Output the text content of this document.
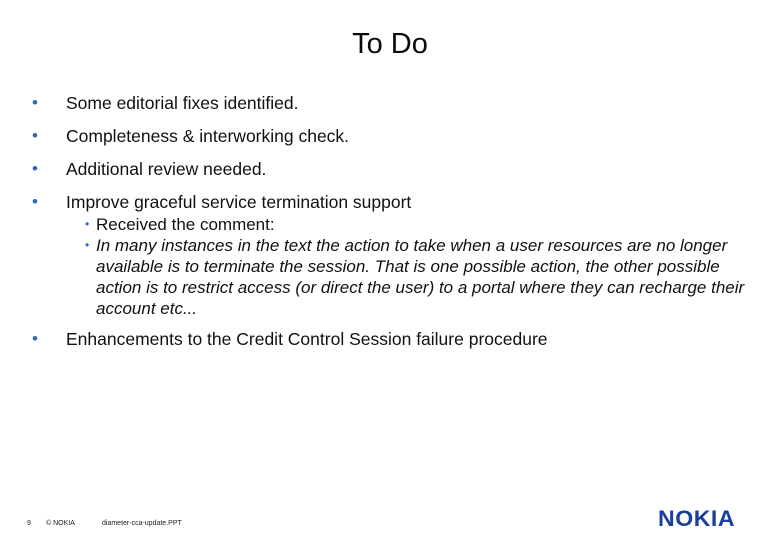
To Do
• Some editorial fixes identified.
• Completeness & interworking check.
• Additional review needed.
• Improve graceful service termination support
• Received the comment:
• In many instances in the text the action to take when a user resources are no longer available is to terminate the session. That is one possible action, the other possible action is to restrict access (or direct the user) to a portal where they can recharge their account etc...
• Enhancements to the Credit Control Session failure procedure
9 © NOKIA	diameter-cca-update.PPT	NOKIA
